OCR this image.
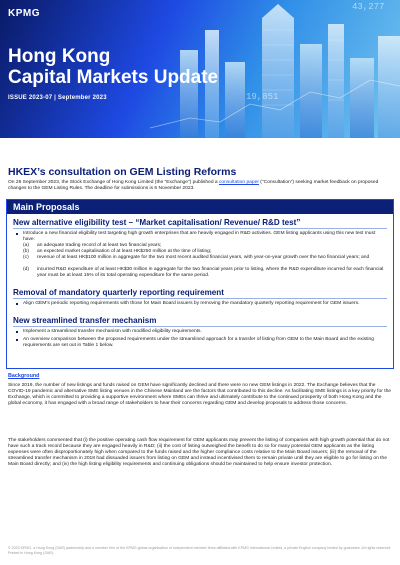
KPMG
Hong Kong
Capital Markets Update
ISSUE 2023-07 | September 2023
43,277
19,851
HKEX’s consultation on GEM Listing Reforms
On 26 September 2023, the Stock Exchange of Hong Kong Limited (the “Exchange”) published a consultation paper (“Consultation”) seeking market feedback on proposed changes to the GEM Listing Rules. The deadline for submissions is 6 November 2023.
Main Proposals
New alternative eligibility test – “Market capitalisation/ Revenue/ R&D test”
Introduce a new financial eligibility test targeting high growth enterprises that are heavily engaged in R&D activities. GEM listing applicants using this new test must have:
(a) an adequate trading record of at least two financial years;
(b) an expected market capitalisation of at least HK$250 million at the time of listing;
(c) revenue of at least HK$100 million in aggregate for the two most recent audited financial years, with year-on-year growth over the two financial years; and
(d) incurred R&D expenditure of at least HK$30 million in aggregate for the two financial years prior to listing, where the R&D expenditure incurred for each financial year must be at least 15% of its total operating expenditure for the same period.
Removal of mandatory quarterly reporting requirement
Align GEM’s periodic reporting requirements with those for Main Board issuers by removing the mandatory quarterly reporting requirement for GEM issuers.
New streamlined transfer mechanism
Implement a streamlined transfer mechanism with modified eligibility requirements.
An overview comparison between the proposed requirements under the streamlined approach for a transfer of listing from GEM to the Main Board and the existing requirements are set out in Table 1 below.
Background
Since 2019, the number of new listings and funds raised on GEM have significantly declined and there were no new GEM listings in 2022. The Exchange believes that the COVID-19 pandemic and alternative SME listing venues in the Chinese Mainland are the factors that contributed to this decline. As facilitating SME listings is a key priority for the Exchange, which is committed to providing a supportive environment where SMEs can thrive and ultimately contribute to the continued prosperity of both Hong Kong and the global economy, it has engaged with a broad range of stakeholders to hear their concerns regarding GEM and develop proposals to address those concerns.
The stakeholders commented that (i) the positive operating cash flow requirement for GEM applicants may prevent the listing of companies with high growth potential that do not have such a track record because they are engaged heavily in R&D; (ii) the cost of listing outweighed the benefit to do so for many potential GEM applicants as the listing expenses were often disproportionately high when compared to the funds raised and the higher compliance costs relative to the Main Board issuers; (iii) the removal of the streamlined transfer mechanism in 2018 had dissuaded issuers from listing on GEM and instead incentivised them to remain private until they are eligible to go for listing on the Main Board directly; and (iv) the high listing eligibility requirements and continuing obligations should be maintained to help ensure investor protection.
© 2023 KPMG, a Hong Kong (SAR) partnership and a member firm of the KPMG global organisation of independent member firms affiliated with KPMG International Limited, a private English company limited by guarantee. All rights reserved. Printed in Hong Kong (SAR).
